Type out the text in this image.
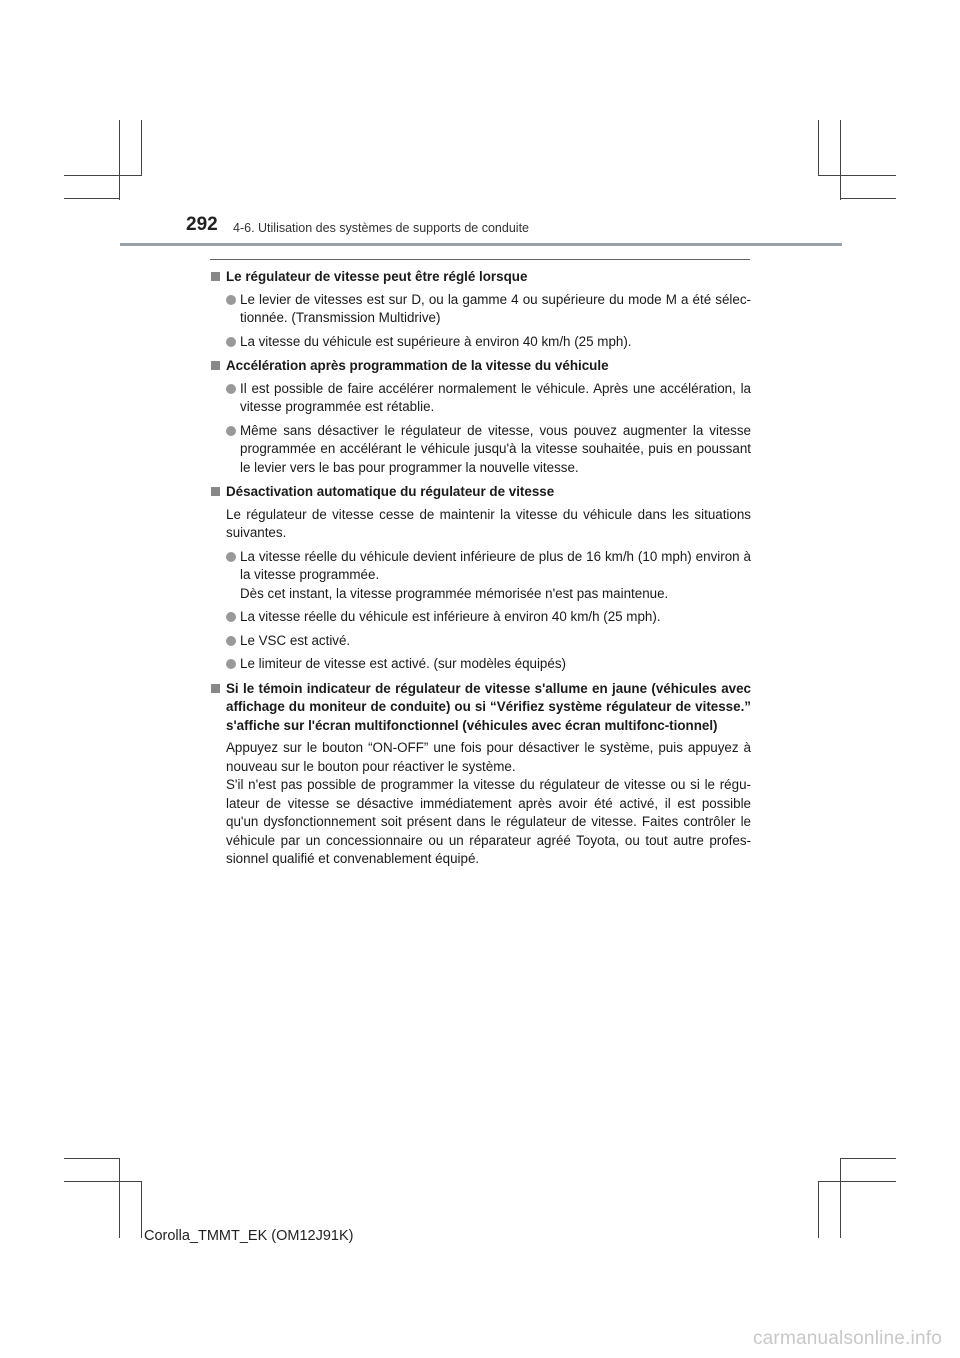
292 4-6. Utilisation des systèmes de supports de conduite
Le régulateur de vitesse peut être réglé lorsque
Le levier de vitesses est sur D, ou la gamme 4 ou supérieure du mode M a été sélec-tionnée. (Transmission Multidrive)
La vitesse du véhicule est supérieure à environ 40 km/h (25 mph).
Accélération après programmation de la vitesse du véhicule
Il est possible de faire accélérer normalement le véhicule. Après une accélération, la vitesse programmée est rétablie.
Même sans désactiver le régulateur de vitesse, vous pouvez augmenter la vitesse programmée en accélérant le véhicule jusqu'à la vitesse souhaitée, puis en poussant le levier vers le bas pour programmer la nouvelle vitesse.
Désactivation automatique du régulateur de vitesse
Le régulateur de vitesse cesse de maintenir la vitesse du véhicule dans les situations suivantes.
La vitesse réelle du véhicule devient inférieure de plus de 16 km/h (10 mph) environ à la vitesse programmée.
Dès cet instant, la vitesse programmée mémorisée n'est pas maintenue.
La vitesse réelle du véhicule est inférieure à environ 40 km/h (25 mph).
Le VSC est activé.
Le limiteur de vitesse est activé. (sur modèles équipés)
Si le témoin indicateur de régulateur de vitesse s'allume en jaune (véhicules avec affichage du moniteur de conduite) ou si “Vérifiez système régulateur de vitesse.” s'affiche sur l'écran multifonctionnel (véhicules avec écran multifonc-tionnel)
Appuyez sur le bouton “ON-OFF” une fois pour désactiver le système, puis appuyez à nouveau sur le bouton pour réactiver le système.
S'il n'est pas possible de programmer la vitesse du régulateur de vitesse ou si le régu-lateur de vitesse se désactive immédiatement après avoir été activé, il est possible qu'un dysfonctionnement soit présent dans le régulateur de vitesse. Faites contrôler le véhicule par un concessionnaire ou un réparateur agréé Toyota, ou tout autre profes-sionnel qualifié et convenablement équipé.
Corolla_TMMT_EK (OM12J91K)
carmanualsonline.info
